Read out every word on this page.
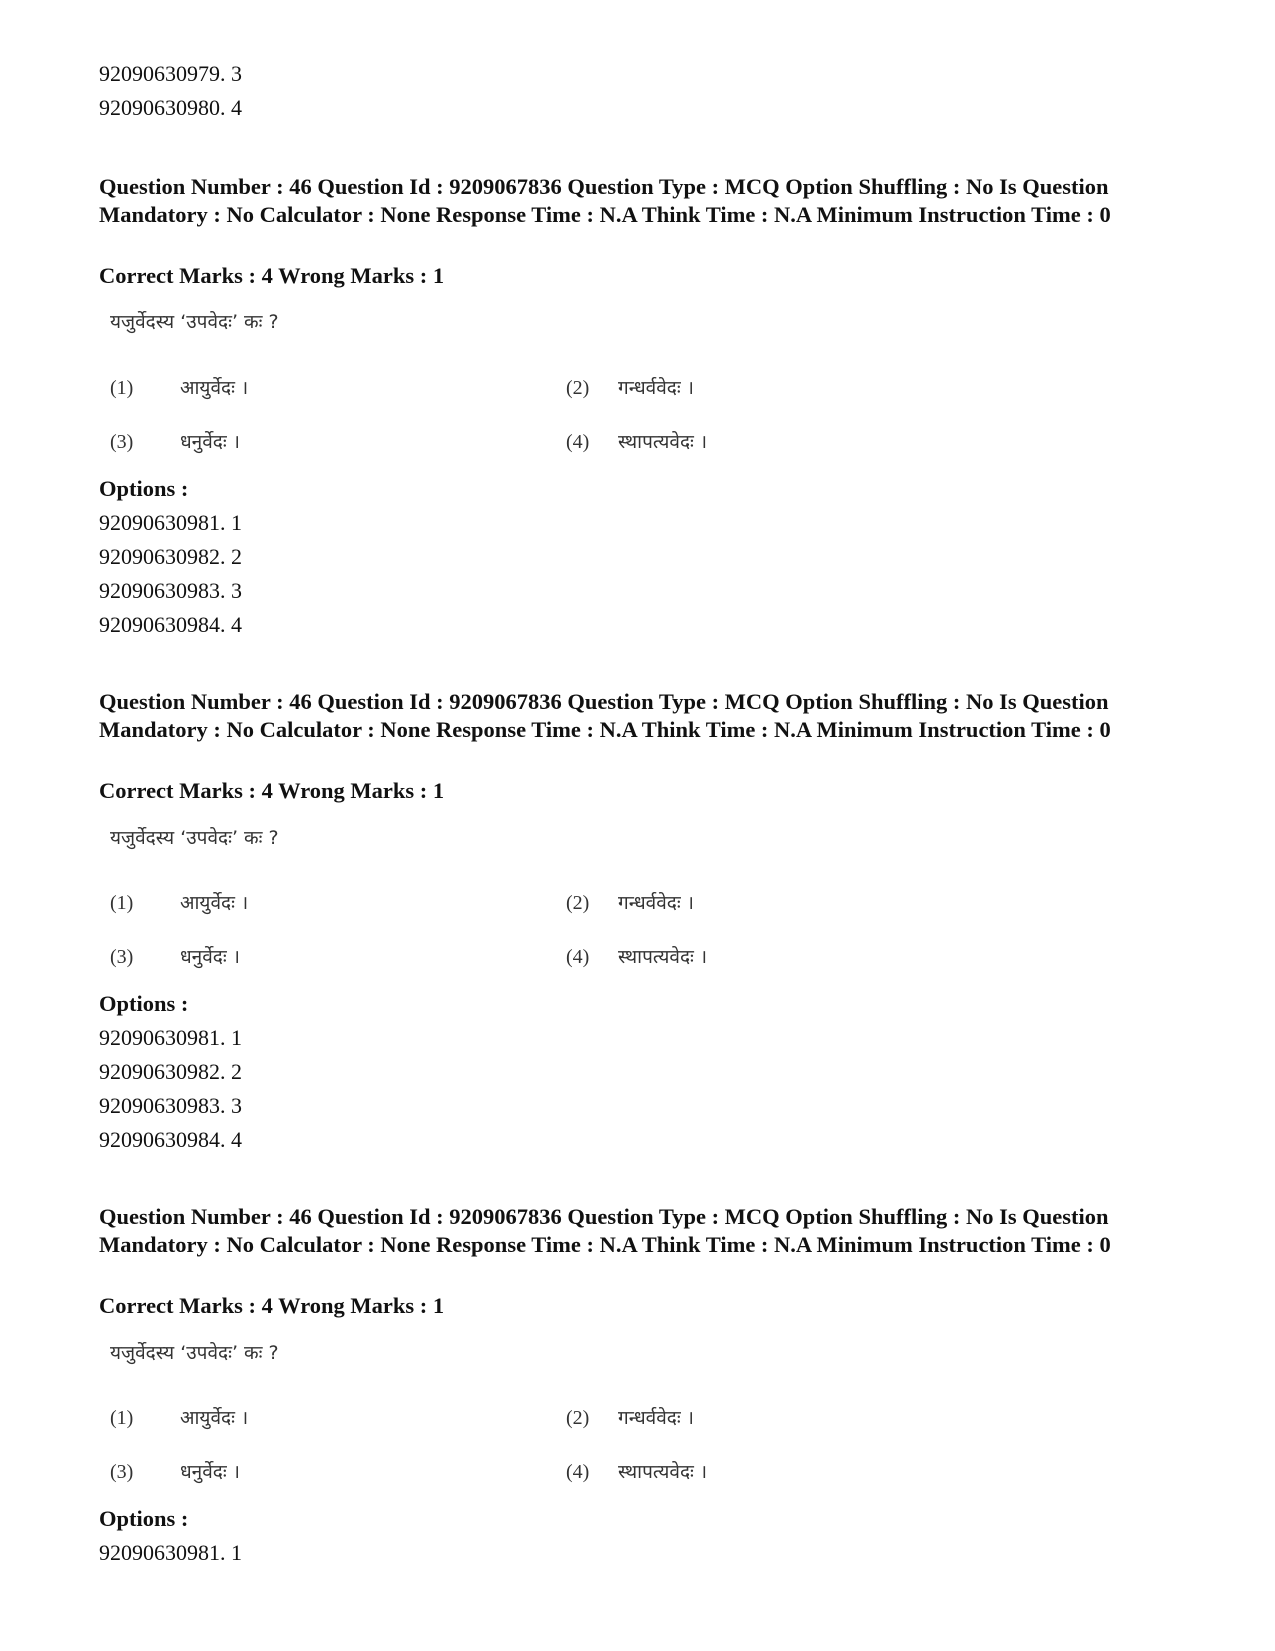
92090630979. 3
92090630980. 4
Question Number : 46 Question Id : 9209067836 Question Type : MCQ Option Shuffling : No Is Question Mandatory : No Calculator : None Response Time : N.A Think Time : N.A Minimum Instruction Time : 0
Correct Marks : 4 Wrong Marks : 1
यजुर्वेदस्य ‘उपवेदः’ कः ?
(1) आयुर्वेदः ।	(2) गन्धर्ववेदः ।
(3) धनुर्वेदः ।	(4) स्थापत्यवेदः ।
Options :
92090630981. 1
92090630982. 2
92090630983. 3
92090630984. 4
Question Number : 46 Question Id : 9209067836 Question Type : MCQ Option Shuffling : No Is Question Mandatory : No Calculator : None Response Time : N.A Think Time : N.A Minimum Instruction Time : 0
Correct Marks : 4 Wrong Marks : 1
यजुर्वेदस्य ‘उपवेदः’ कः ?
(1) आयुर्वेदः ।	(2) गन्धर्ववेदः ।
(3) धनुर्वेदः ।	(4) स्थापत्यवेदः ।
Options :
92090630981. 1
92090630982. 2
92090630983. 3
92090630984. 4
Question Number : 46 Question Id : 9209067836 Question Type : MCQ Option Shuffling : No Is Question Mandatory : No Calculator : None Response Time : N.A Think Time : N.A Minimum Instruction Time : 0
Correct Marks : 4 Wrong Marks : 1
यजुर्वेदस्य ‘उपवेदः’ कः ?
(1) आयुर्वेदः ।	(2) गन्धर्ववेदः ।
(3) धनुर्वेदः ।	(4) स्थापत्यवेदः ।
Options :
92090630981. 1
